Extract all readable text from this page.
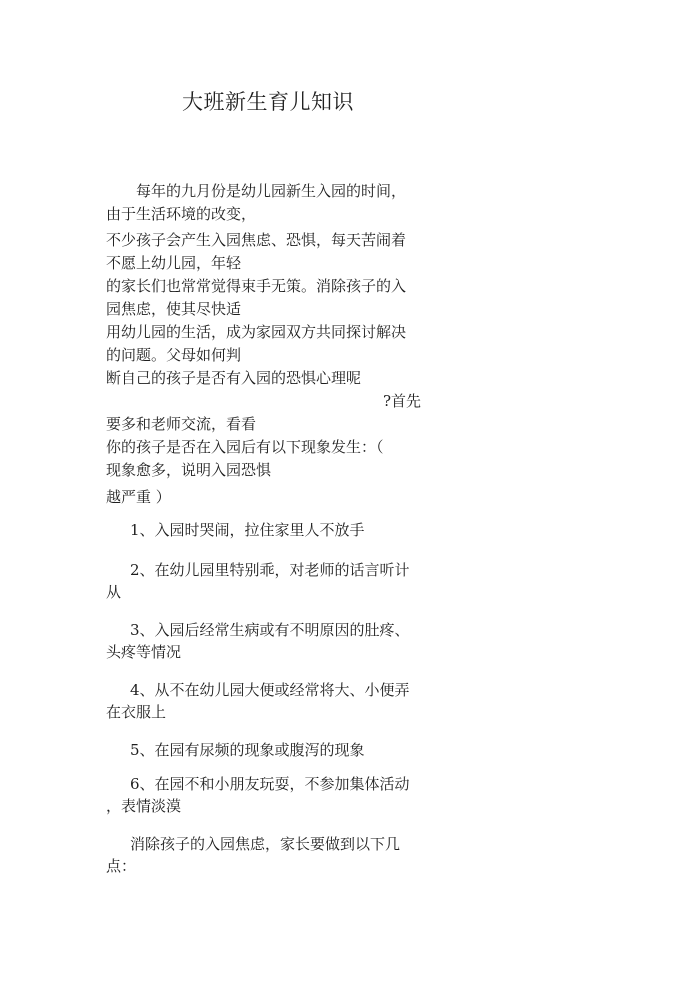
大班新生育儿知识
每年的九月份是幼儿园新生入园的时间，
由于生活环境的改变，
不少孩子会产生入园焦虑、恐惧，每天苦闹着
不愿上幼儿园，年轻
的家长们也常常觉得束手无策。消除孩子的入
园焦虑，使其尽快适
用幼儿园的生活，成为家园双方共同探讨解决
的问题。父母如何判
断自己的孩子是否有入园的恐惧心理呢
?首先
要多和老师交流，看看
你的孩子是否在入园后有以下现象发生：（
现象愈多，说明入园恐惧
越严重 ）
1、入园时哭闹，拉住家里人不放手
2、在幼儿园里特别乖，对老师的话言听计
从
3、入园后经常生病或有不明原因的肚疼、
头疼等情况
4、从不在幼儿园大便或经常将大、小便弄
在衣服上
5、在园有尿频的现象或腹泻的现象
6、在园不和小朋友玩耍，不参加集体活动
，表情淡漠
消除孩子的入园焦虑，家长要做到以下几
点：
